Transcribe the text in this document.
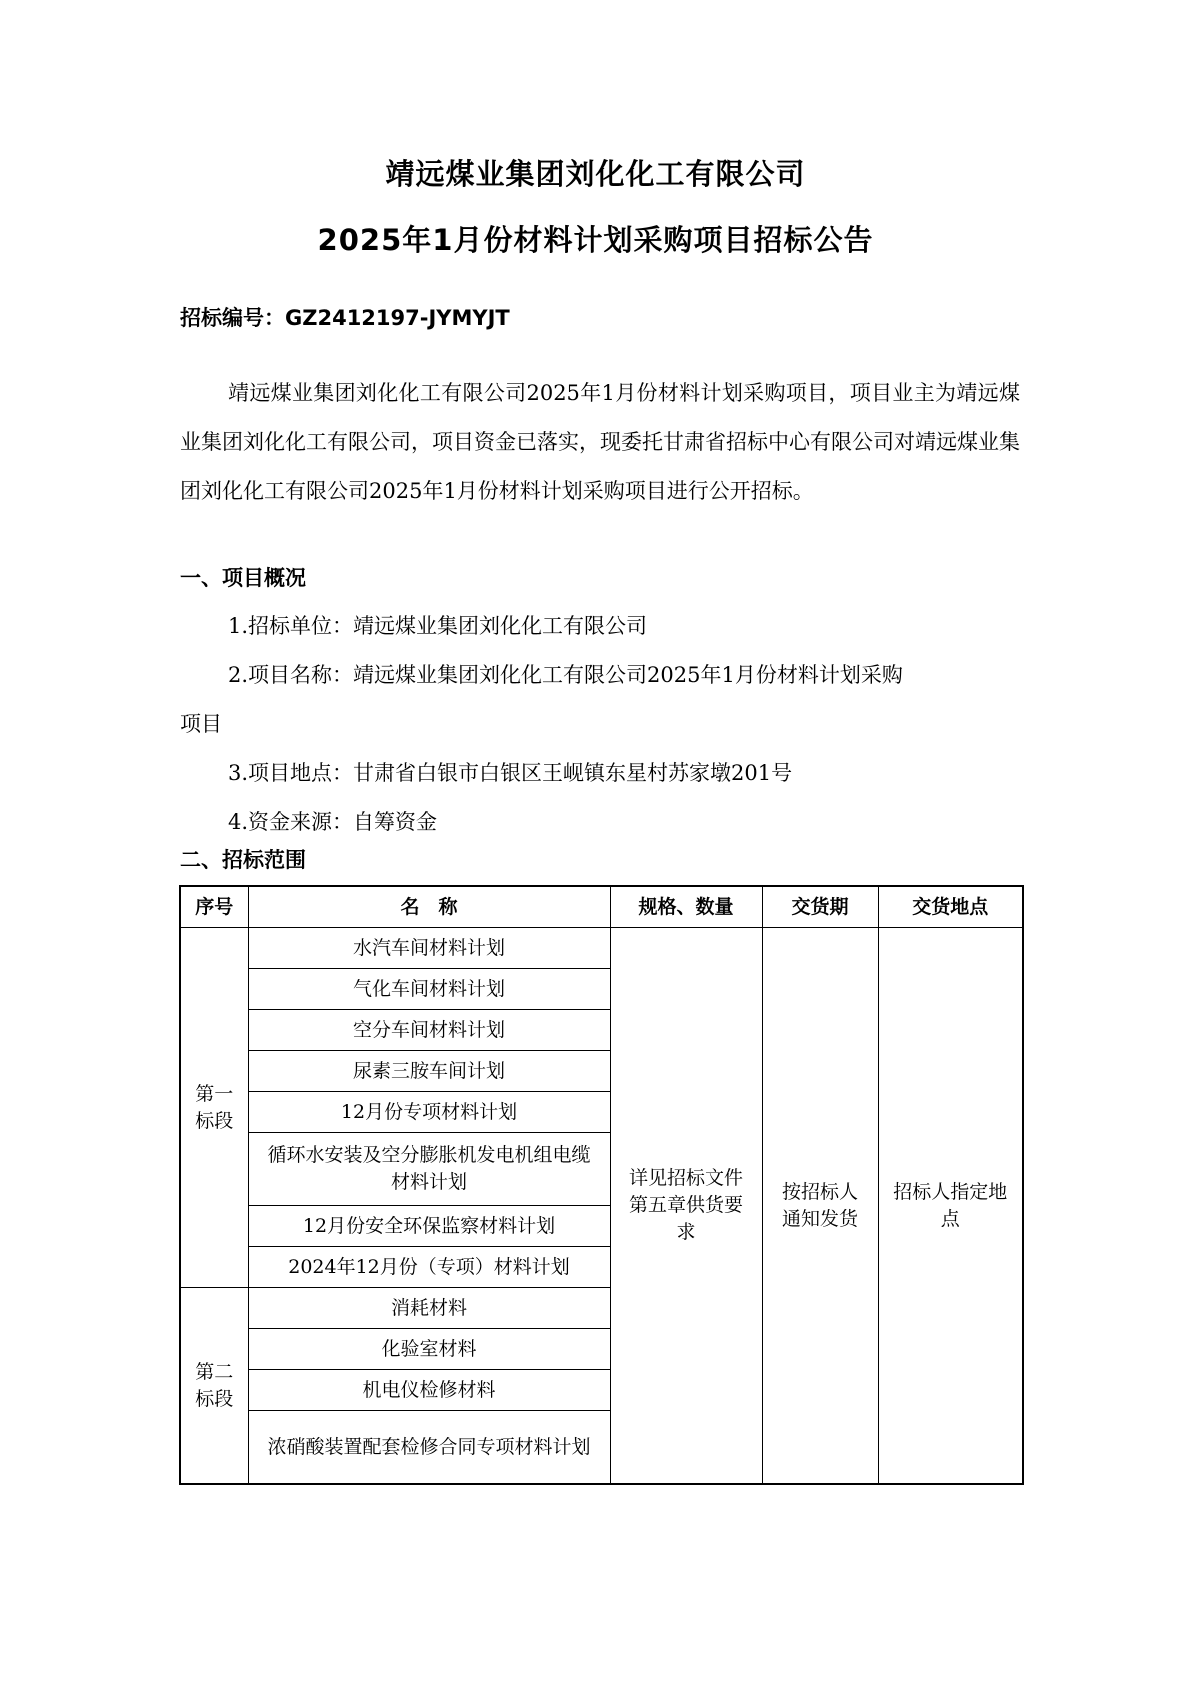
靖远煤业集团刘化化工有限公司
2025年1月份材料计划采购项目招标公告
招标编号：GZ2412197-JYMYJT
靖远煤业集团刘化化工有限公司2025年1月份材料计划采购项目，项目业主为靖远煤业集团刘化化工有限公司，项目资金已落实，现委托甘肃省招标中心有限公司对靖远煤业集团刘化化工有限公司2025年1月份材料计划采购项目进行公开招标。
一、项目概况
1.招标单位：靖远煤业集团刘化化工有限公司
2.项目名称：靖远煤业集团刘化化工有限公司2025年1月份材料计划采购
项目
3.项目地点：甘肃省白银市白银区王岘镇东星村苏家墩201号
4.资金来源：自筹资金
二、招标范围
序号	名　称	规格、数量	交货期	交货地点
第一标段	水汽车间材料计划	详见招标文件第五章供货要求	按招标人通知发货	招标人指定地点
	气化车间材料计划			
	空分车间材料计划			
	尿素三胺车间计划			
	12月份专项材料计划			
	循环水安装及空分膨胀机发电机组电缆材料计划			
	12月份安全环保监察材料计划			
	2024年12月份（专项）材料计划			
第二标段	消耗材料			
	化验室材料			
	机电仪检修材料			
	浓硝酸装置配套检修合同专项材料计划			
